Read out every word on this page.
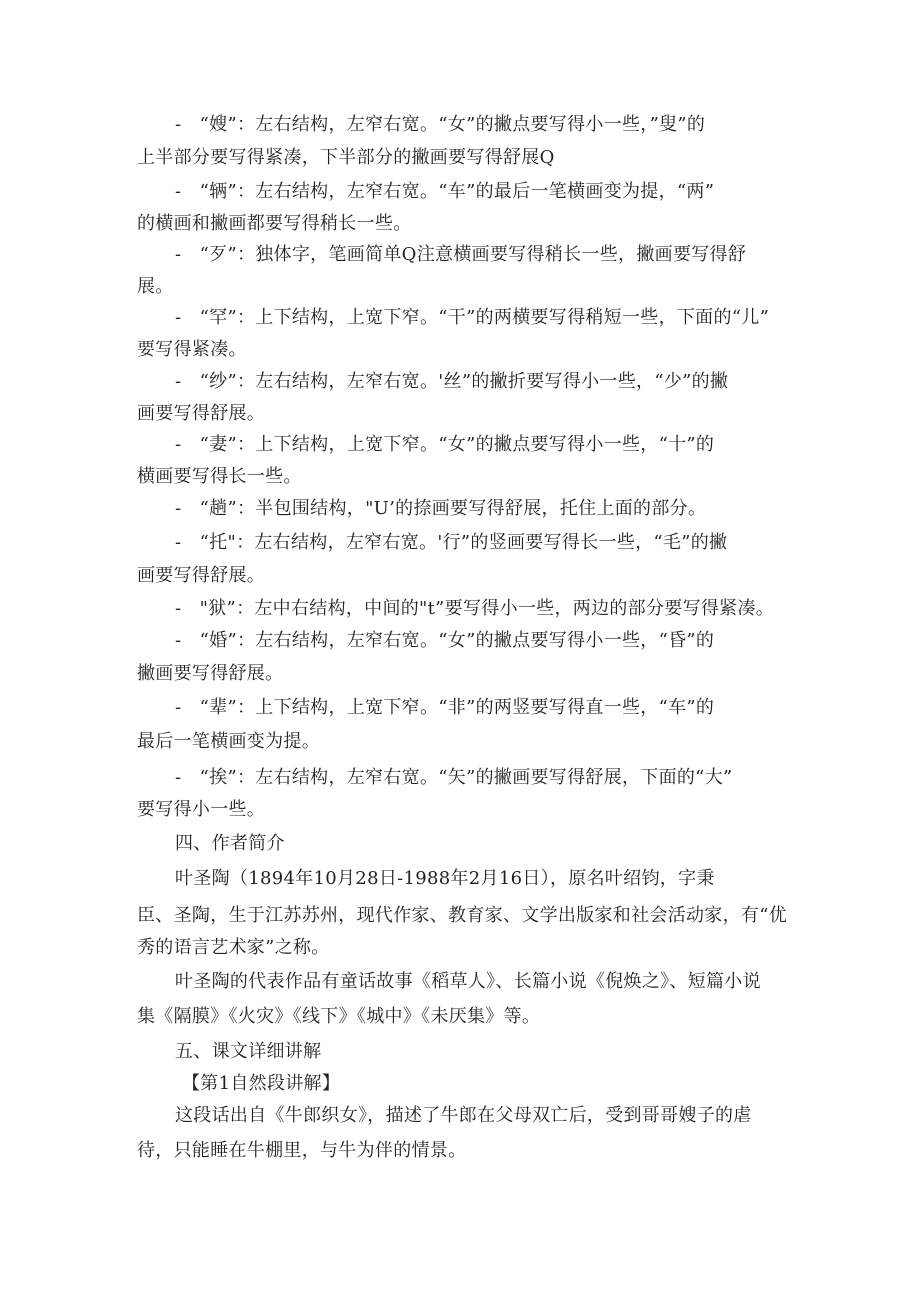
-　“嫂”：左右结构，左窄右宽。“女”的撇点要写得小一些，”叟”的
上半部分要写得紧凑，下半部分的撇画要写得舒展Q
-　“辆”：左右结构，左窄右宽。“车”的最后一笔横画变为提，“两”
的横画和撇画都要写得稍长一些。
-　“歹”：独体字，笔画简单Q注意横画要写得稍长一些，撇画要写得舒
展。
-　“罕”：上下结构，上宽下窄。“干”的两横要写得稍短一些，下面的“儿”
要写得紧凑。
-　“纱”：左右结构，左窄右宽。'丝”的撇折要写得小一些，“少”的撇
画要写得舒展。
-　“妻”：上下结构，上宽下窄。“女”的撇点要写得小一些，“十”的
横画要写得长一些。
-　“趟”：半包围结构，"U’的捺画要写得舒展，托住上面的部分。
-　“托"：左右结构，左窄右宽。'行”的竖画要写得长一些，“毛”的撇
画要写得舒展。
-　"狱”：左中右结构，中间的"t”要写得小一些，两边的部分要写得紧凑。
-　“婚”：左右结构，左窄右宽。“女”的撇点要写得小一些，“昏”的
撇画要写得舒展。
-　“辈”：上下结构，上宽下窄。“非”的两竖要写得直一些，“车”的
最后一笔横画变为提。
-　“挨”：左右结构，左窄右宽。“矢”的撇画要写得舒展，下面的“大”
要写得小一些。
四、作者简介
叶圣陶（1894年10月28日-1988年2月16日），原名叶绍钧，字秉
臣、圣陶，生于江苏苏州，现代作家、教育家、文学出版家和社会活动家，有“优
秀的语言艺术家”之称。
叶圣陶的代表作品有童话故事《稻草人》、长篇小说《倪焕之》、短篇小说
集《隔膜》《火灾》《线下》《城中》《未厌集》等。
五、课文详细讲解
【第1自然段讲解】
这段话出自《牛郎织女》，描述了牛郎在父母双亡后，受到哥哥嫂子的虐
待，只能睡在牛棚里，与牛为伴的情景。
